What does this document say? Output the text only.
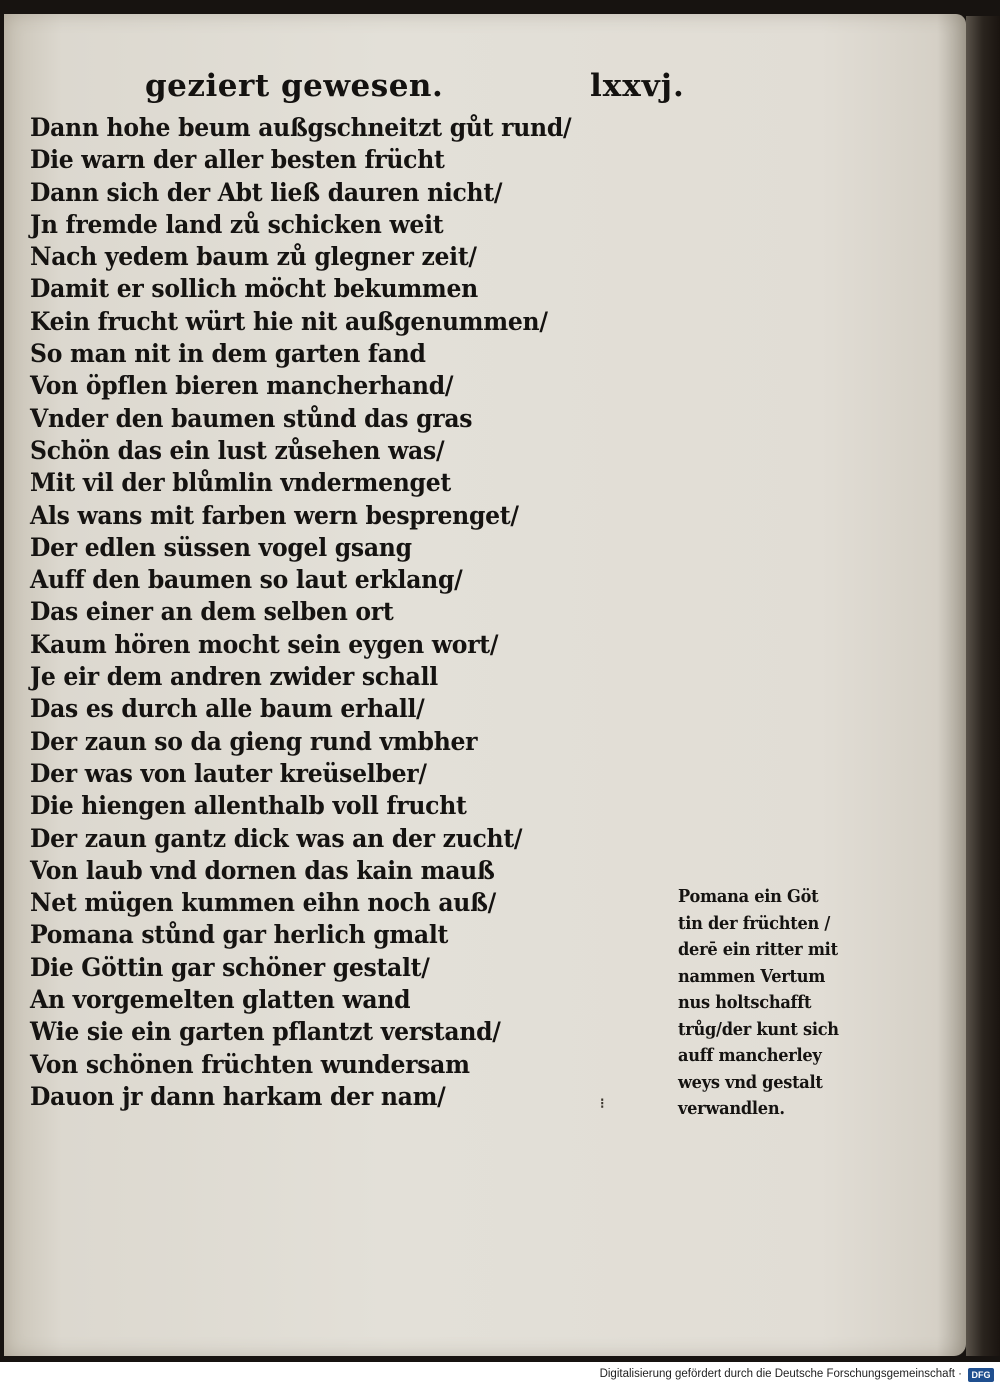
geziert gewesen.	lxxvj.
Dann hohe beum außgschneitzt gůt rund/
Die warn der aller besten frücht
Dann sich der Abt ließ dauren nicht/
Jn fremde land zů schicken weit
Nach yedem baum zů glegner zeit/
Damit er sollich möcht bekummen
Kein frucht würt hie nit außgenummen/
So man nit in dem garten fand
Von öpflen bieren mancherhand/
Vnder den baumen stůnd das gras
Schön das ein lust zůsehen was/
Mit vil der blůmlin vndermenget
Als wans mit farben wern besprenget/
Der edlen süssen vogel gsang
Auff den baumen so laut erklang/
Das einer an dem selben ort
Kaum hören mocht sein eygen wort/
Je eir dem andren zwider schall
Das es durch alle baum erhall/
Der zaun so da gieng rund vmbher
Der was von lauter kreüselber/
Die hiengen allenthalb voll frucht
Der zaun gantz dick was an der zucht/
Von laub vnd dornen das kain mauß
Net mügen kummen eihn noch auß/
Pomana stůnd gar herlich gmalt
Die Göttin gar schöner gestalt/
An vorgemelten glatten wand
Wie sie ein garten pflantzt verstand/
Von schönen früchten wundersam
Dauon jr dann harkam der nam/	⁝
Pomana ein Göt
tin der früchten /
derē ein ritter mit
nammen Vertum
nus holtschafft
trůg/der kunt sich
auff mancherley
weys vnd gestalt
verwandlen.
Digitalisierung gefördert durch die Deutsche Forschungsgemeinschaft ·	DFG
